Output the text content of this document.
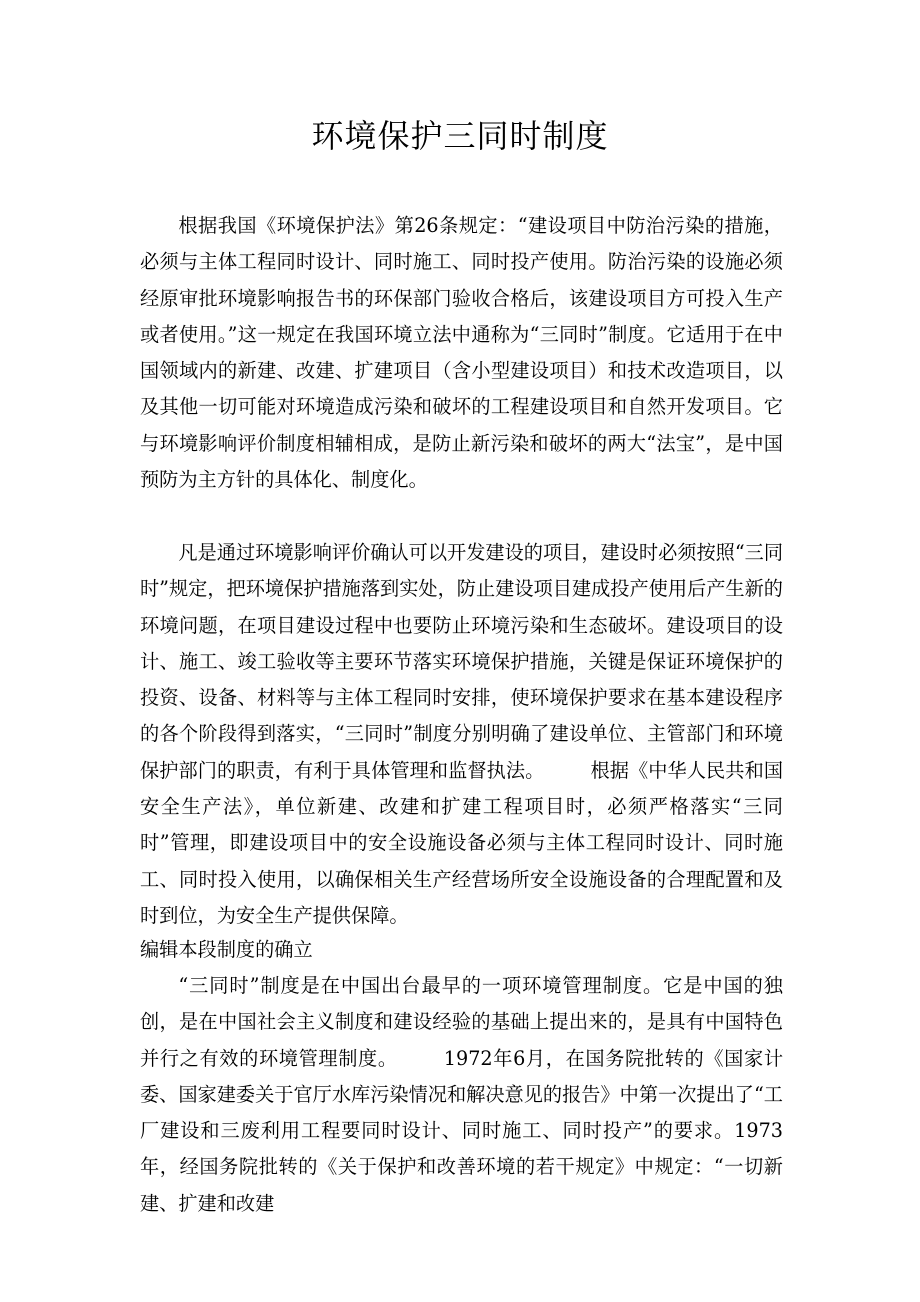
环境保护三同时制度

根据我国《环境保护法》第26条规定：“建设项目中防治污染的措施，必须与主体工程同时设计、同时施工、同时投产使用。防治污染的设施必须经原审批环境影响报告书的环保部门验收合格后，该建设项目方可投入生产或者使用。”这一规定在我国环境立法中通称为“三同时”制度。它适用于在中国领域内的新建、改建、扩建项目（含小型建设项目）和技术改造项目，以及其他一切可能对环境造成污染和破坏的工程建设项目和自然开发项目。它与环境影响评价制度相辅相成，是防止新污染和破坏的两大“法宝”，是中国预防为主方针的具体化、制度化。

凡是通过环境影响评价确认可以开发建设的项目，建设时必须按照“三同时”规定，把环境保护措施落到实处，防止建设项目建成投产使用后产生新的环境问题，在项目建设过程中也要防止环境污染和生态破坏。建设项目的设计、施工、竣工验收等主要环节落实环境保护措施，关键是保证环境保护的投资、设备、材料等与主体工程同时安排，使环境保护要求在基本建设程序的各个阶段得到落实，“三同时”制度分别明确了建设单位、主管部门和环境保护部门的职责，有利于具体管理和监督执法。 根据《中华人民共和国安全生产法》，单位新建、改建和扩建工程项目时，必须严格落实“三同时”管理，即建设项目中的安全设施设备必须与主体工程同时设计、同时施工、同时投入使用，以确保相关生产经营场所安全设施设备的合理配置和及时到位，为安全生产提供保障。

编辑本段制度的确立

“三同时”制度是在中国出台最早的一项环境管理制度。它是中国的独创，是在中国社会主义制度和建设经验的基础上提出来的，是具有中国特色并行之有效的环境管理制度。 1972年6月，在国务院批转的《国家计委、国家建委关于官厅水库污染情况和解决意见的报告》中第一次提出了“工厂建设和三废利用工程要同时设计、同时施工、同时投产”的要求。1973年，经国务院批转的《关于保护和改善环境的若干规定》中规定：“一切新建、扩建和改建
